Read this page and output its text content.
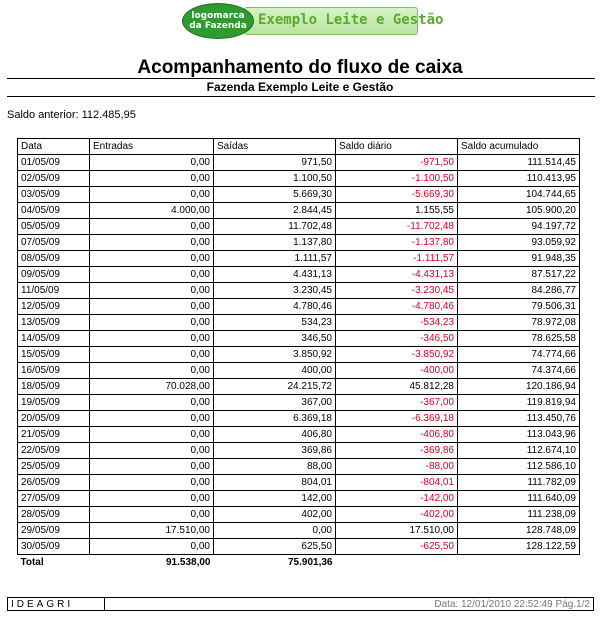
logomarca
da Fazenda Exemplo Leite e Gestão
Acompanhamento do fluxo de caixa
Fazenda Exemplo Leite e Gestão
Saldo anterior: 112.485,95
Data	Entradas	Saídas	Saldo diário	Saldo acumulado
01/05/09	0,00	971,50	-971,50	111.514,45
02/05/09	0,00	1.100,50	-1.100,50	110.413,95
03/05/09	0,00	5.669,30	-5.669,30	104.744,65
04/05/09	4.000,00	2.844,45	1.155,55	105.900,20
05/05/09	0,00	11.702,48	-11.702,48	94.197,72
07/05/09	0,00	1.137,80	-1.137,80	93.059,92
08/05/09	0,00	1.111,57	-1.111,57	91.948,35
09/05/09	0,00	4.431,13	-4.431,13	87.517,22
11/05/09	0,00	3.230,45	-3.230,45	84.286,77
12/05/09	0,00	4.780,46	-4.780,46	79.506,31
13/05/09	0,00	534,23	-534,23	78.972,08
14/05/09	0,00	346,50	-346,50	78.625,58
15/05/09	0,00	3.850,92	-3.850,92	74.774,66
16/05/09	0,00	400,00	-400,00	74.374,66
18/05/09	70.028,00	24.215,72	45.812,28	120.186,94
19/05/09	0,00	367,00	-367,00	119.819,94
20/05/09	0,00	6.369,18	-6.369,18	113.450,76
21/05/09	0,00	406,80	-406,80	113.043,96
22/05/09	0,00	369,86	-369,86	112.674,10
25/05/09	0,00	88,00	-88,00	112.586,10
26/05/09	0,00	804,01	-804,01	111.782,09
27/05/09	0,00	142,00	-142,00	111.640,09
28/05/09	0,00	402,00	-402,00	111.238,09
29/05/09	17.510,00	0,00	17.510,00	128.748,09
30/05/09	0,00	625,50	-625,50	128.122,59
Total	91.538,00	75.901,36		
IDEAGRI	Data: 12/01/2010 22:52:49 Pág.1/2
